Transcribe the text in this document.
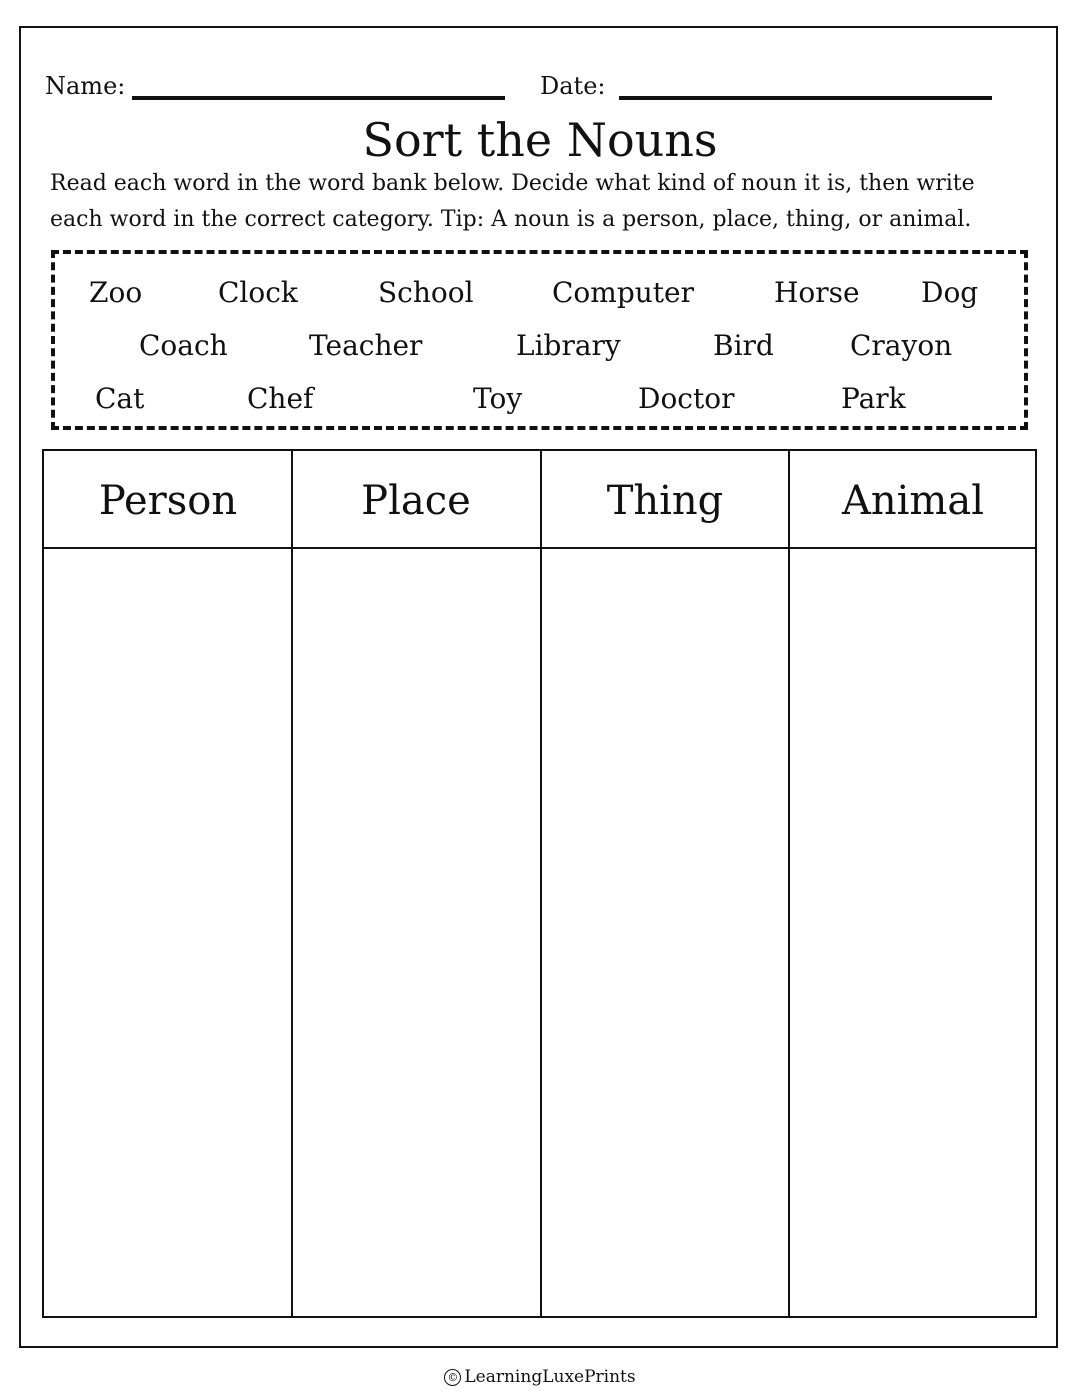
Name:	Date:
Sort the Nouns
Read each word in the word bank below. Decide what kind of noun it is, then write
each word in the correct category. Tip: A noun is a person, place, thing, or animal.
Zoo	Clock	School	Computer	Horse Dog
Coach	Teacher	Library	Bird	Crayon
Cat	Chef	Toy	Doctor	Park
Person	Place	Thing	Animal
© LearningLuxePrints
